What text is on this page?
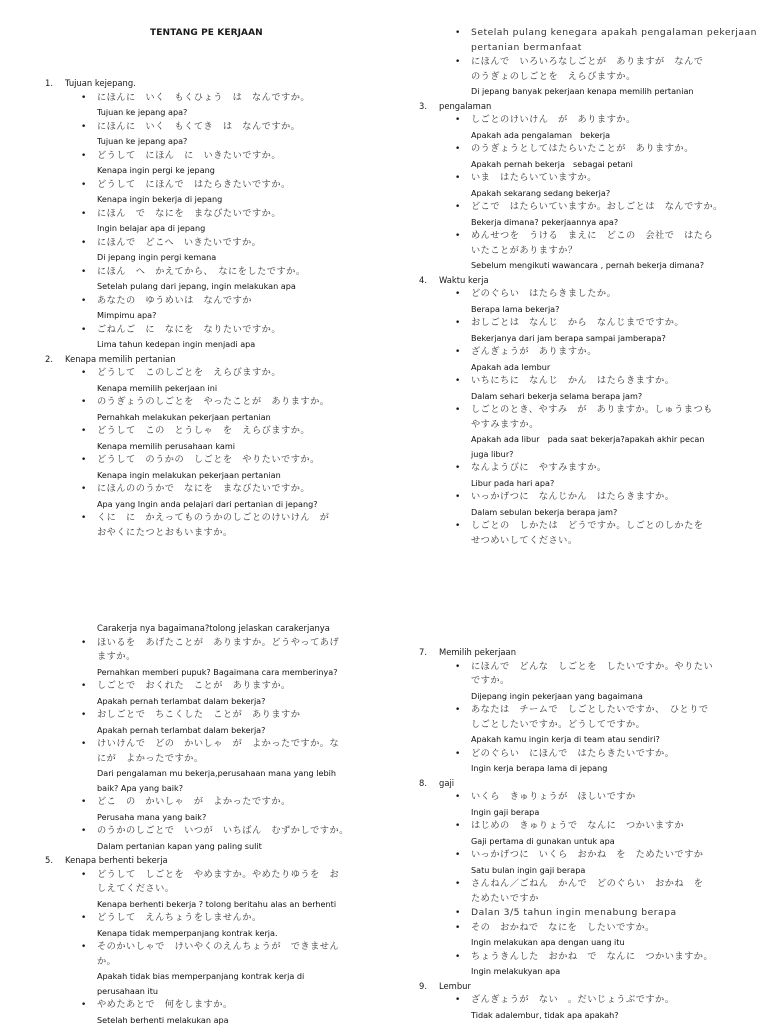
TENTANG PE KERJAAN
1. Tujuan kejepang.
• にほんに　いく　もくひょう　は　なんですか。
Tujuan ke jepang apa?
• にほんに　いく　もくてき　は　なんですか。
Tujuan ke jepang apa?
• どうして　にほん　に　いきたいですか。
Kenapa ingin pergi ke jepang
• どうして　にほんで　はたらきたいですか。
Kenapa ingin bekerja di jepang
• にほん　で　なにを　まなびたいですか。
Ingin belajar apa di jepang
• にほんで　どこへ　いきたいですか。
Di jepang ingin pergi kemana
• にほん　へ　かえてから、　なにをしたですか。
Setelah pulang dari jepang, ingin melakukan apa
• あなたの　ゆうめいは　なんですか
Mimpimu apa?
• ごねんご　に　なにを　なりたいですか。
Lima tahun kedepan ingin menjadi apa
2. Kenapa memilih pertanian
• どうして　このしごとを　えらびますか。
Kenapa memilih pekerjaan ini
• のうぎょうのしごとを　やったことが　ありますか。
Pernahkah melakukan pekerjaan pertanian
• どうして　この　とうしゃ　を　えらびますか。
Kenapa memilih perusahaan kami
• どうして　のうかの　しごとを　やりたいですか。
Kenapa ingin melakukan pekerjaan pertanian
• にほんののうかで　なにを　まなびたいですか。
Apa yang Ingin anda pelajari dari pertanian di jepang?
• くに　に　かえってものうかのしごとのけいけん　が
おやくにたつとおもいますか。
Carakerja nya bagaimana?tolong jelaskan carakerjanya
• ほいるを　あげたことが　ありますか。どうやってあげ
ますか。
Pernahkan memberi pupuk? Bagaimana cara memberinya?
• しごとで　おくれた　ことが　ありますか。
Apakah pernah terlambat dalam bekerja?
• おしごとで　ちこくした　ことが　ありますか
Apakah pernah terlambat dalam bekerja?
• けいけんで　どの　かいしゃ　が　よかったですか。な
にが　よかったですか。
Dari pengalaman mu bekerja,perusahaan mana yang lebih
baik? Apa yang baik?
• どこ　の　かいしゃ　が　よかったですか。
Perusaha mana yang baik?
• のうかのしごとで　いつが　いちばん　むずかしですか。
Dalam pertanian kapan yang paling sulit
5. Kenapa berhenti bekerja
• どうして　しごとを　やめますか。やめたりゆうを　お
しえてください。
Kenapa berhenti bekerja ? tolong beritahu alas an berhenti
• どうして　えんちょうをしませんか。
Kenapa tidak memperpanjang kontrak kerja.
• そのかいしゃで　けいやくのえんちょうが　できません
か。
Apakah tidak bias memperpanjang kontrak kerja di
perusahaan itu
• やめたあとで　何をしますか。
Setelah berhenti melakukan apa
• Setelah pulang kenegara apakah pengalaman pekerjaan
pertanian bermanfaat
• にほんで　いろいろなしごとが　ありますが　なんで
のうぎょのしごとを　えらびますか。
Di jepang banyak pekerjaan kenapa memilih pertanian
3. pengalaman
• しごとのけいけん　が　ありますか。
Apakah ada pengalaman　bekerja
• のうぎょうとしてはたらいたことが　ありますか。
Apakah pernah bekerja　sebagai petani
• いま　はたらいていますか。
Apakah sekarang sedang bekerja?
• どこで　はたらいていますか。おしごとは　なんですか。
Bekerja dimana? pekerjaannya apa?
• めんせつを　うける　まえに　どこの　会社で　はたら
いたことがありますか？
Sebelum mengikuti wawancara , pernah bekerja dimana?
4. Waktu kerja
• どのぐらい　はたらきましたか。
Berapa lama bekerja?
• おしごとは　なんじ　から　なんじまでですか。
Bekerjanya dari jam berapa sampai jamberapa?
• ざんぎょうが　ありますか。
Apakah ada lembur
• いちにちに　なんじ　かん　はたらきますか。
Dalam sehari bekerja selama berapa jam?
• しごとのとき、やすみ　が　ありますか。しゅうまつも
やすみますか。
Apakah ada libur　pada saat bekerja?apakah akhir pecan
juga libur?
• なんようびに　やすみますか。
Libur pada hari apa?
• いっかげつに　なんじかん　はたらきますか。
Dalam sebulan bekerja berapa jam?
• しごとの　しかたは　どうですか。しごとのしかたを
せつめいしてください。
7. Memilih pekerjaan
• にほんで　どんな　しごとを　したいですか。やりたい
ですか。
Dijepang ingin pekerjaan yang bagaimana
• あなたは　チームで　しごとしたいですか、　ひとりで
しごとしたいですか。どうしてですか。
Apakah kamu ingin kerja di team atau sendiri?
• どのぐらい　にほんで　はたらきたいですか。
Ingin kerja berapa lama di jepang
8. gaji
• いくら　きゅりょうが　ほしいですか
Ingin gaji berapa
• はじめの　きゅりょうで　なんに　つかいますか
Gaji pertama di gunakan untuk apa
• いっかげつに　いくら　おかね　を　ためたいですか
Satu bulan ingin gaji berapa
• さんねん／ごねん　かんで　どのぐらい　おかね　を
ためたいですか
• Dalan 3/5 tahun ingin menabung berapa
• その　おかねで　なにを　したいですか。
Ingin melakukan apa dengan uang itu
• ちょうきんした　おかね　で　なんに　つかいますか。
Ingin melakukyan apa
9. Lembur
• ざんぎょうが　ない　。だいじょうぶですか。
Tidak adalembur, tidak apa apakah?
